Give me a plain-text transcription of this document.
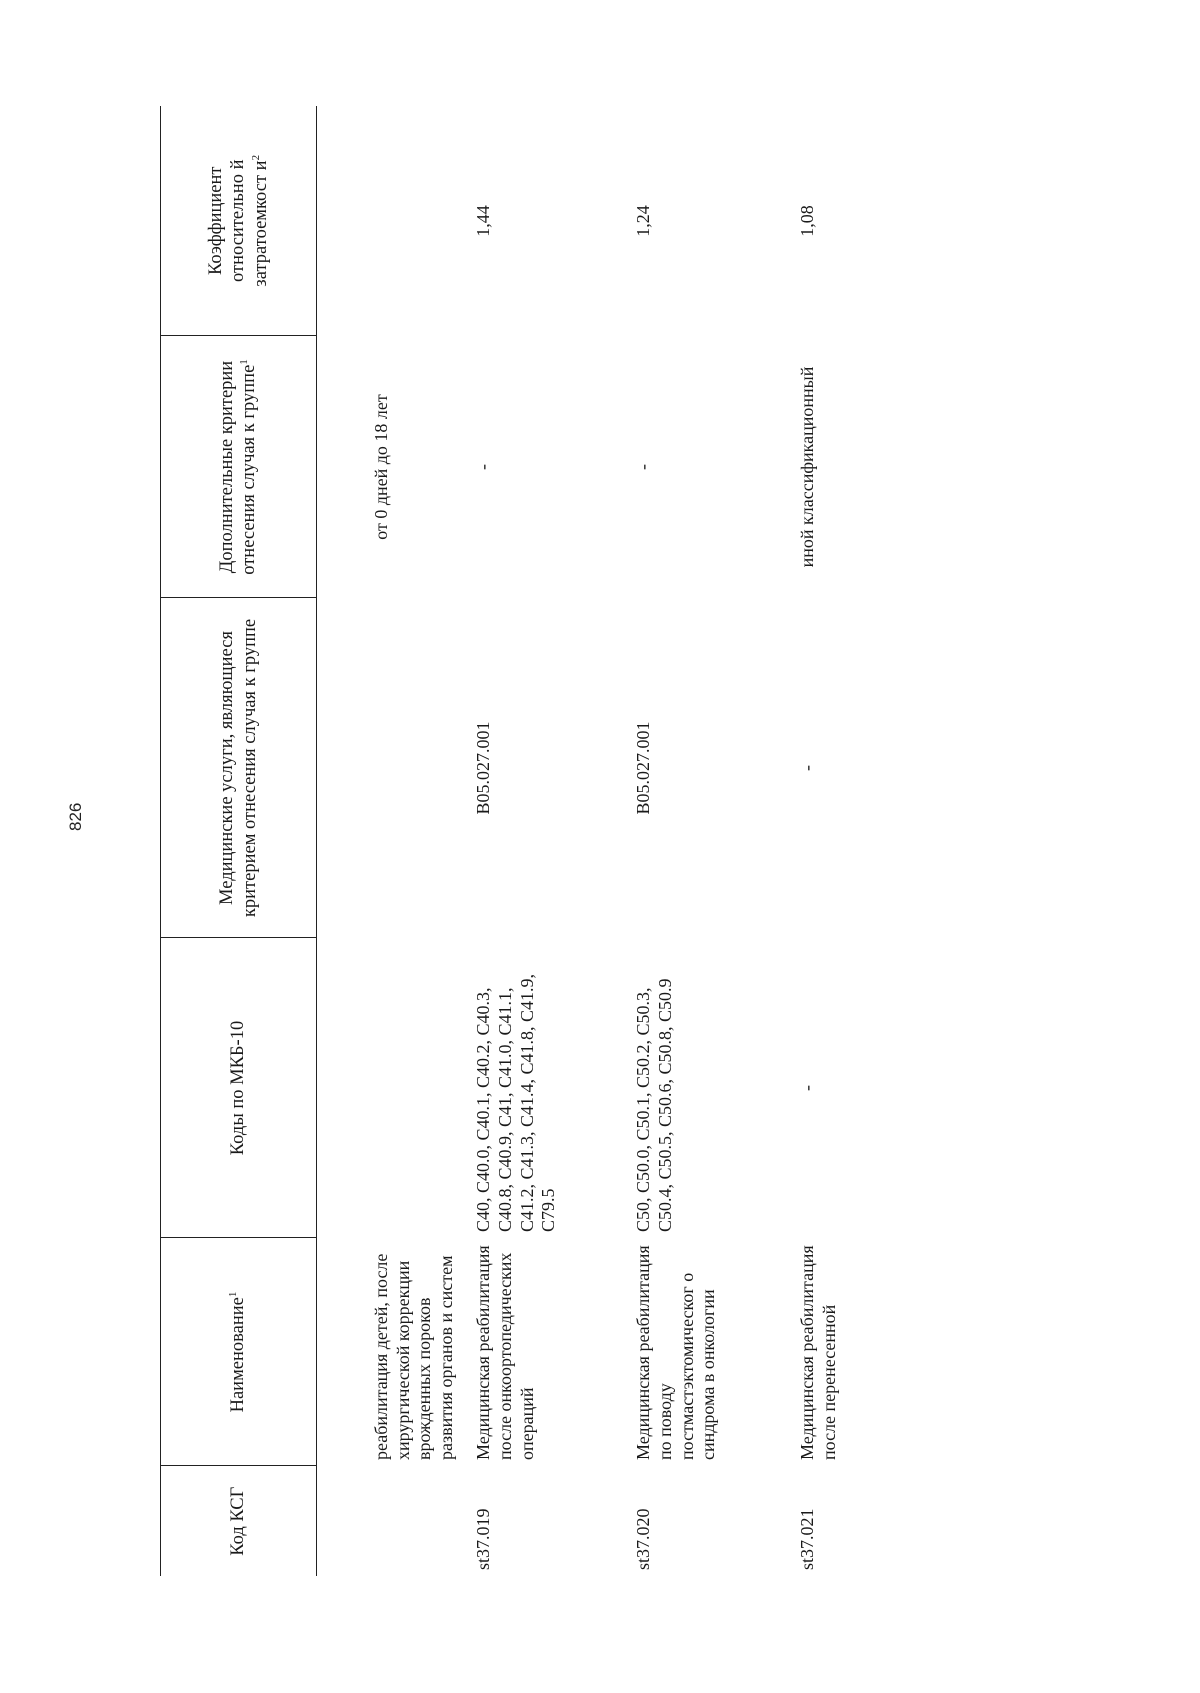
826
Код КСГ	Наименование$^1$	Коды по МКБ-10	Медицинские услуги, являющиеся критерием отнесения случая к группе	Дополнительные критерии отнесения случая к группе$^1$	Коэффициент относительно й затратоемкост $и^2$
	реабилитация детей, после хирургической коррекции врожденных пороков развития органов и систем			от 0 дней до 18 лет	
st37.019	Медицинская реабилитация после онкоортопедических операций	C40, C40.0, C40.1, C40.2, C40.3, C40.8, C40.9, C41, C41.0, C41.1, C41.2, C41.3, C41.4, C41.8, C41.9, C79.5	B05.027.001	-	1,44
st37.020	Медицинская реабилитация по поводу постмастэктомическог о синдрома в онкологии	C50, C50.0, C50.1, C50.2, C50.3, C50.4, C50.5, C50.6, C50.8, C50.9	B05.027.001	-	1,24
st37.021	Медицинская реабилитация после перенесенной	-	-	иной классификационный	1,08
